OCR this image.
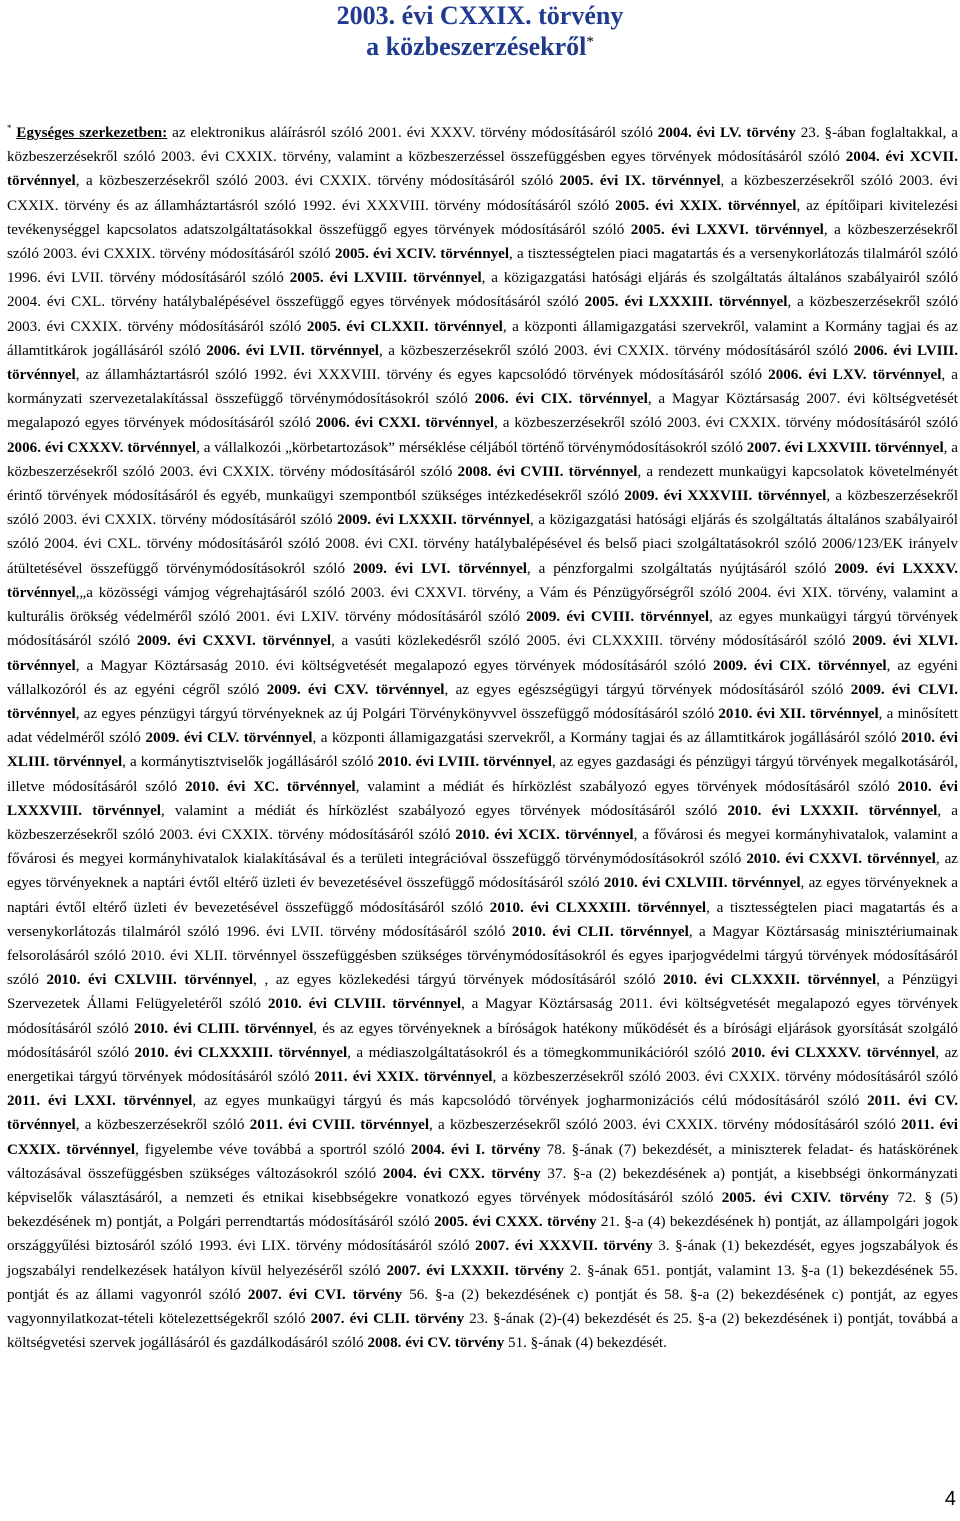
2003. évi CXXIX. törvény
a közbeszerzésekről*
* Egységes szerkezetben: az elektronikus aláírásról szóló 2001. évi XXXV. törvény módosításáról szóló 2004. évi LV. törvény 23. §-ában foglaltakkal, a közbeszerzésekről szóló 2003. évi CXXIX. törvény, valamint a közbeszerzéssel összefüggésben egyes törvények módosításáról szóló 2004. évi XCVII. törvénnyel, a közbeszerzésekről szóló 2003. évi CXXIX. törvény módosításáról szóló 2005. évi IX. törvénnyel, a közbeszerzésekről szóló 2003. évi CXXIX. törvény és az államháztartásról szóló 1992. évi XXXVIII. törvény módosításáról szóló 2005. évi XXIX. törvénnyel, az építőipari kivitelezési tevékenységgel kapcsolatos adatszolgáltatásokkal összefüggő egyes törvények módosításáról szóló 2005. évi LXXVI. törvénnyel, a közbeszerzésekről szóló 2003. évi CXXIX. törvény módosításáról szóló 2005. évi XCIV. törvénnyel, a tisztességtelen piaci magatartás és a versenykorlátozás tilalmáról szóló 1996. évi LVII. törvény módosításáról szóló 2005. évi LXVIII. törvénnyel, a közigazgatási hatósági eljárás és szolgáltatás általános szabályairól szóló 2004. évi CXL. törvény hatálybalépésével összefüggő egyes törvények módosításáról szóló 2005. évi LXXXIII. törvénnyel, a közbeszerzésekről szóló 2003. évi CXXIX. törvény módosításáról szóló 2005. évi CLXXII. törvénnyel, a központi államigazgatási szervekről, valamint a Kormány tagjai és az államtitkárok jogállásáról szóló 2006. évi LVII. törvénnyel, a közbeszerzésekről szóló 2003. évi CXXIX. törvény módosításáról szóló 2006. évi LVIII. törvénnyel, az államháztartásról szóló 1992. évi XXXVIII. törvény és egyes kapcsolódó törvények módosításáról szóló 2006. évi LXV. törvénnyel, a kormányzati szervezetalakítással összefüggő törvénymódosításokról szóló 2006. évi CIX. törvénnyel, a Magyar Köztársaság 2007. évi költségvetését megalapozó egyes törvények módosításáról szóló 2006. évi CXXI. törvénnyel, a közbeszerzésekről szóló 2003. évi CXXIX. törvény módosításáról szóló 2006. évi CXXXV. törvénnyel, a vállalkozói „körbetartozások” mérséklése céljából történő törvénymódosításokról szóló 2007. évi LXXVIII. törvénnyel, a közbeszerzésekről szóló 2003. évi CXXIX. törvény módosításáról szóló 2008. évi CVIII. törvénnyel, a rendezett munkaügyi kapcsolatok követelményét érintő törvények módosításáról és egyéb, munkaügyi szempontból szükséges intézkedésekről szóló 2009. évi XXXVIII. törvénnyel, a közbeszerzésekről szóló 2003. évi CXXIX. törvény módosításáról szóló 2009. évi LXXXII. törvénnyel, a közigazgatási hatósági eljárás és szolgáltatás általános szabályairól szóló 2004. évi CXL. törvény módosításáról szóló 2008. évi CXI. törvény hatálybalépésével és belső piaci szolgáltatásokról szóló 2006/123/EK irányelv átültetésével összefüggő törvénymódosításokról szóló 2009. évi LVI. törvénnyel, a pénzforgalmi szolgáltatás nyújtásáról szóló 2009. évi LXXXV. törvénnyel,„a közösségi vámjog végrehajtásáról szóló 2003. évi CXXVI. törvény, a Vám és Pénzügyőrségről szóló 2004. évi XIX. törvény, valamint a kulturális örökség védelméről szóló 2001. évi LXIV. törvény módosításáról szóló 2009. évi CVIII. törvénnyel, az egyes munkaügyi tárgyú törvények módosításáról szóló 2009. évi CXXVI. törvénnyel, a vasúti közlekedésről szóló 2005. évi CLXXXIII. törvény módosításáról szóló 2009. évi XLVI. törvénnyel, a Magyar Köztársaság 2010. évi költségvetését megalapozó egyes törvények módosításáról szóló 2009. évi CIX. törvénnyel, az egyéni vállalkozóról és az egyéni cégről szóló 2009. évi CXV. törvénnyel, az egyes egészségügyi tárgyú törvények módosításáról szóló 2009. évi CLVI. törvénnyel, az egyes pénzügyi tárgyú törvényeknek az új Polgári Törvénykönyvvel összefüggő módosításáról szóló 2010. évi XII. törvénnyel, a minősített adat védelméről szóló 2009. évi CLV. törvénnyel, a központi államigazgatási szervekről, a Kormány tagjai és az államtitkárok jogállásáról szóló 2010. évi XLIII. törvénnyel, a kormánytisztviselők jogállásáról szóló 2010. évi LVIII. törvénnyel, az egyes gazdasági és pénzügyi tárgyú törvények megalkotásáról, illetve módosításáról szóló 2010. évi XC. törvénnyel, valamint a médiát és hírközlést szabályozó egyes törvények módosításáról szóló 2010. évi LXXXVIII. törvénnyel, valamint a médiát és hírközlést szabályozó egyes törvények módosításáról szóló 2010. évi LXXXII. törvénnyel, a közbeszerzésekről szóló 2003. évi CXXIX. törvény módosításáról szóló 2010. évi XCIX. törvénnyel, a fővárosi és megyei kormányhivatalok, valamint a fővárosi és megyei kormányhivatalok kialakításával és a területi integrációval összefüggő törvénymódosításokról szóló 2010. évi CXXVI. törvénnyel, az egyes törvényeknek a naptári évtől eltérő üzleti év bevezetésével összefüggő módosításáról szóló 2010. évi CXLVIII. törvénnyel, az egyes törvényeknek a naptári évtől eltérő üzleti év bevezetésével összefüggő módosításáról szóló 2010. évi CLXXXIII. törvénnyel, a tisztességtelen piaci magatartás és a versenykorlátozás tilalmáról szóló 1996. évi LVII. törvény módosításáról szóló 2010. évi CLII. törvénnyel, a Magyar Köztársaság minisztériumainak felsorolásáról szóló 2010. évi XLII. törvénnyel összefüggésben szükséges törvénymódosításokról és egyes iparjogvédelmi tárgyú törvények módosításáról szóló 2010. évi CXLVIII. törvénnyel, , az egyes közlekedési tárgyú törvények módosításáról szóló 2010. évi CLXXXII. törvénnyel, a Pénzügyi Szervezetek Állami Felügyeletéről szóló 2010. évi CLVIII. törvénnyel, a Magyar Köztársaság 2011. évi költségvetését megalapozó egyes törvények módosításáról szóló 2010. évi CLIII. törvénnyel, és az egyes törvényeknek a bíróságok hatékony működését és a bírósági eljárások gyorsítását szolgáló módosításáról szóló 2010. évi CLXXXIII. törvénnyel, a médiaszolgáltatásokról és a tömegkommunikációról szóló 2010. évi CLXXXV. törvénnyel, az energetikai tárgyú törvények módosításáról szóló 2011. évi XXIX. törvénnyel, a közbeszerzésekről szóló 2003. évi CXXIX. törvény módosításáról szóló 2011. évi LXXI. törvénnyel, az egyes munkaügyi tárgyú és más kapcsolódó törvények jogharmonizációs célú módosításáról szóló 2011. évi CV. törvénnyel, a közbeszerzésekről szóló 2011. évi CVIII. törvénnyel, a közbeszerzésekről szóló 2003. évi CXXIX. törvény módosításáról szóló 2011. évi CXXIX. törvénnyel, figyelembe véve továbbá a sportról szóló 2004. évi I. törvény 78. §-ának (7) bekezdését, a miniszterek feladat- és hatáskörének változásával összefüggésben szükséges változásokról szóló 2004. évi CXX. törvény 37. §-a (2) bekezdésének a) pontját, a kisebbségi önkormányzati képviselők választásáról, a nemzeti és etnikai kisebbségekre vonatkozó egyes törvények módosításáról szóló 2005. évi CXIV. törvény 72. § (5) bekezdésének m) pontját, a Polgári perrendtartás módosításáról szóló 2005. évi CXXX. törvény 21. §-a (4) bekezdésének h) pontját, az állampolgári jogok országgyűlési biztosáról szóló 1993. évi LIX. törvény módosításáról szóló 2007. évi XXXVII. törvény 3. §-ának (1) bekezdését, egyes jogszabályok és jogszabályi rendelkezések hatályon kívül helyezéséről szóló 2007. évi LXXXII. törvény 2. §-ának 651. pontját, valamint 13. §-a (1) bekezdésének 55. pontját és az állami vagyonról szóló 2007. évi CVI. törvény 56. §-a (2) bekezdésének c) pontját és 58. §-a (2) bekezdésének c) pontját, az egyes vagyonnyilatkozat-tételi kötelezettségekről szóló 2007. évi CLII. törvény 23. §-ának (2)-(4) bekezdését és 25. §-a (2) bekezdésének i) pontját, továbbá a költségvetési szervek jogállásáról és gazdálkodásáról szóló 2008. évi CV. törvény 51. §-ának (4) bekezdését.
4
